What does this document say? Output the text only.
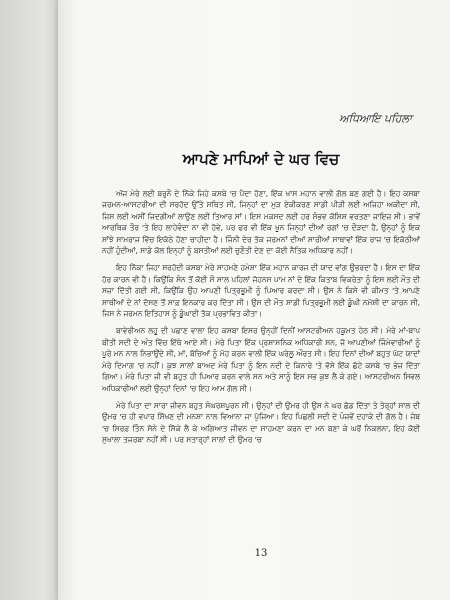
ਅਧਿਆਇ ਪਹਿਲਾ
ਆਪਣੇ ਮਾਪਿਆਂ ਦੇ ਘਰ ਵਿਚ

ਅੱਜ ਮੇਰੇ ਲਈ ਬਰੁਨੌ ਦੇ ਨਿੱਕੇ ਜਿਹੇ ਕਸਬੇ 'ਚ ਪੈਦਾ ਹੋਣਾ, ਇੱਕ ਖਾਸ ਮਹਾਨ ਵਾਲੀ ਗੱਲ ਬਣ ਗਈ ਹੈ। ਇਹ ਕਸਬਾ ਜਰਮਨ-ਆਸਟਰੀਆ ਦੀ ਸਰਹੱਦ ਉੱਤੇ ਸਥਿਤ ਸੀ, ਜਿਨ੍ਹਾਂ ਦਾ ਮੁੜ ਏਕੀਕਰਣ ਸਾਡੀ ਪੀੜੀ ਲਈ ਅਜਿਹਾ ਅਕੀਦਾ ਸੀ, ਜਿਸ ਲਈ ਅਸੀਂ ਜਿਦਗੀਆਂ ਲਾਉਣ ਲਈ ਤਿਆਰ ਸਾਂ। ਇਸ ਮਕਸਦ ਲਈ ਹਰ ਸੰਭਵ ਕੋਸ਼ਿਸ਼ ਵਰਤਣਾ ਜਾਇਜ਼ ਸੀ। ਭਾਵੇਂ ਆਰਥਿਕ ਤੌਰ 'ਤੇ ਇਹ ਲਾਹੇਵੰਦਾ ਨਾ ਵੀ ਹੋਵੇ, ਪਰ ਫਰ ਵੀ ਇੱਕ ਖੂਨ ਜਿਨ੍ਹਾਂ ਦੀਆਂ ਰਗਾਂ 'ਚ ਦੌੜਦਾ ਹੈ, ਉਨ੍ਹਾਂ ਨੂੰ ਇਕ ਸਾਂਝੇ ਸਾਮਰਾਜ ਵਿੱਚ ਇਕੱਠੇ ਹੋਣਾ ਚਾਹੀਦਾ ਹੈ। ਜਿੰਨੀ ਦੇਰ ਤੱਕ ਜਰਮਨਾਂ ਦੀਆਂ ਸਾਰੀਆਂ ਸਾਥਾਵਾਂ ਇੱਕ ਰਾਜ 'ਚ ਇਕੱਠੀਆਂ ਨਹੀਂ ਹੁੰਦੀਆਂ, ਸਾਡੇ ਕੋਲ ਇਨ੍ਹਾਂ ਨੂੰ ਬਸਤੀਆਂ ਲਈ ਚੁਣੌਤੀ ਦੇਣ ਦਾ ਕੋਈ ਨੈਤਿਕ ਅਧਿਕਾਰ ਨਹੀਂ।

ਇਹ ਨਿੱਕਾ ਜਿਹਾ ਸਰਹੱਦੀ ਕਸਬਾ ਮੇਰੇ ਸਾਹਮਣੇ ਹਮੇਸ਼ਾ ਇੱਕ ਮਹਾਨ ਕਾਰਜ ਦੀ ਯਾਦ ਵਾਂਗ ਉਭਰਦਾ ਹੈ। ਇਸ ਦਾ ਇੱਕ ਹੋਰ ਕਾਰਨ ਵੀ ਹੈ। ਕਿਉਂਕਿ ਸੰਨ ਤੋਂ ਕੋਈ ਸੌ ਸਾਲ ਪਹਿਲਾਂ ਜੋਹਨਸ ਪਾਮ ਨਾਂ ਦੇ ਇੱਕ ਕਿਤਾਬ ਵਿਕਰੇਤਾ ਨੂੰ ਇਸ ਲਈ ਮੌਤ ਦੀ ਸਜ਼ਾ ਦਿੱਤੀ ਗਈ ਸੀ, ਕਿਉਂਕਿ ਉਹ ਆਪਣੀ ਪਿਤ੍ਰਭੂਮੀ ਨੂੰ ਪਿਆਰ ਕਰਦਾ ਸੀ। ਉਸ ਨੇ ਕਿਸੇ ਵੀ ਕੀਮਤ 'ਤੇ ਆਪਣੇ ਸਾਥੀਆਂ ਦੇ ਨਾਂ ਦੱਸਣ ਤੋਂ ਸਾਫ਼ ਇਨਕਾਰ ਕਰ ਦਿੱਤਾ ਸੀ। ਉਸ ਦੀ ਮੌਤ ਸਾਡੀ ਪਿਤ੍ਰਭੂਮੀ ਲਈ ਡੂੰਘੀ ਨਮੋਸ਼ੀ ਦਾ ਕਾਰਨ ਸੀ, ਜਿਸ ਨੇ ਜਰਮਨ ਇਤਿਹਾਸ ਨੂੰ ਡੂੰਘਾਈ ਤੱਕ ਪ੍ਰਭਾਵਿਤ ਕੀਤਾ।

ਬਾਵੇਰੀਅਨ ਲਹੂ ਦੀ ਪਛਾਣ ਵਾਲਾ ਇਹ ਕਸਬਾ ਇਸਰ ਉਨ੍ਹੀਂ ਦਿਨੀਂ ਆਸਟਰੀਅਨ ਹਕੂਮਤ ਹੇਠ ਸੀ। ਮੇਰੇ ਮਾਂ-ਬਾਪ ਬੀਤੀ ਸਦੀ ਦੇ ਅੰਤ ਵਿੱਚ ਇੱਥੇ ਆਏ ਸੀ। ਮੇਰੇ ਪਿਤਾ ਇੱਕ ਪ੍ਰਸ਼ਾਸਨਿਕ ਅਧਿਕਾਰੀ ਸਨ, ਜੋ ਆਪਣੀਆਂ ਜਿੰਮੇਵਾਰੀਆਂ ਨੂੰ ਪੂਰੇ ਮਨ ਨਾਲ ਨਿਭਾਉਂਦੇ ਸੀ, ਮਾਂ, ਬੱਚਿਆਂ ਨੂੰ ਮੋਹ ਕਰਨ ਵਾਲੀ ਇੱਕ ਘਰੇਲੂ ਔਰਤ ਸੀ। ਇਹ ਦਿਨਾਂ ਦੀਆਂ ਬਹੁਤ ਘੱਟ ਯਾਦਾਂ ਮੇਰੇ ਦਿਮਾਗ 'ਚ ਨਹੀਂ। ਕੁਝ ਸਾਲਾਂ ਬਾਅਦ ਮੇਰੇ ਪਿਤਾ ਨੂੰ ਇਨ ਨਦੀ ਦੇ ਕਿਨਾਰੇ 'ਤੇ ਵੱਸੇ ਇੱਕ ਛੋਟੇ ਕਸਬੇ 'ਚ ਭੇਜ ਦਿੱਤਾ ਗਿਆ। ਮੇਰੇ ਪਿਤਾ ਜੀ ਵੀ ਬਹੁਤ ਹੀ ਪਿਆਰ ਕਰਨ ਵਾਲੇ ਸਨ ਅਤੇ ਸਾਨੂੰ ਇਸ ਸਭ ਕੁਝ ਲੈ ਕੇ ਗਏ। ਆਸਟਰੀਅਨ ਸਿਵਲ ਅਧਿਕਾਰੀਆਂ ਲਈ ਉਨ੍ਹਾਂ ਦਿਨਾਂ 'ਚ ਇਹ ਆਮ ਗੱਲ ਸੀ।

ਮੇਰੇ ਪਿਤਾ ਦਾ ਸਾਰਾ ਜੀਵਨ ਬਹੁਤ ਸੰਘਰਸ਼ਪੂਰਨ ਸੀ। ਉਨ੍ਹਾਂ ਦੀ ਉਮਰ ਹੀ ਉਸ ਨੇ ਘਰ ਛੱਡ ਦਿੱਤਾ ਤੇ ਤੇਰ੍ਹਾਂ ਸਾਲ ਦੀ ਉਮਰ 'ਚ ਹੀ ਵਪਾਰ ਸਿੱਖਣ ਦੀ ਮਨਸ਼ਾ ਨਾਲ ਵਿਆਨਾ ਜਾ ਪੁੱਜਿਆ। ਇਹ ਪਿਛਲੀ ਸਦੀ ਦੇ ਪੰਜਵੇਂ ਦਹਾਕੇ ਦੀ ਗੱਲ ਹੈ। ਜੇਬ 'ਚ ਸਿਰਫ਼ ਤਿੰਨ ਸੋਨੇ ਦੇ ਸਿੱਕੇ ਲੈ ਕੇ ਅਗਿਆਤ ਜੀਵਨ ਦਾ ਸਾਹਮਣਾ ਕਰਨ ਦਾ ਮਨ ਬਣਾ ਕੇ ਘਰੋਂ ਨਿਕਲਨਾ, ਇਹ ਕੋਈ ਸੁਖਾਲਾ ਤਜਰਬਾ ਨਹੀਂ ਸੀ। ਪਰ ਸਤਾਰ੍ਹਾਂ ਸਾਲਾਂ ਦੀ ਉਮਰ 'ਚ

13
